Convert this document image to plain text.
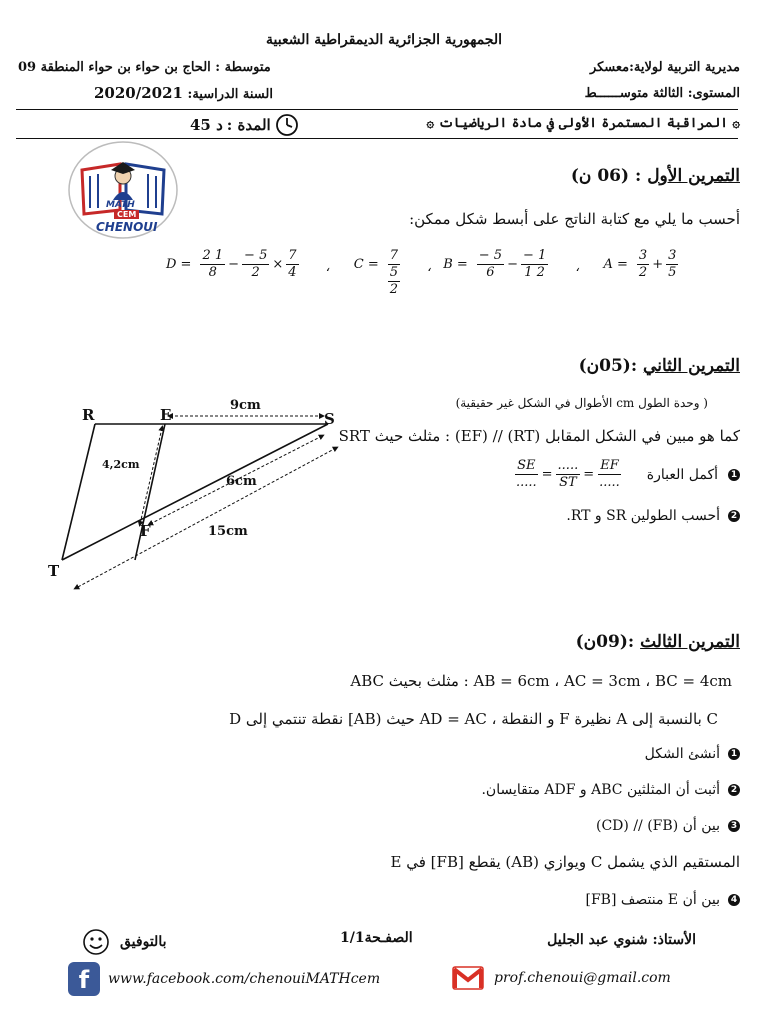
الجمهورية الجزائرية الديمقراطية الشعبية
متوسطة : الحاج بن حواء بن حواء المنطقة 09	مديرية التربية لولاية:معسكر
السنة الدراسية: 2020/2021	المستوى: الثالثة متوســــــط
۞ المراقبة المستمرة الأولى في مادة الرياضيات ۞
45 د المدة :
MATH
CEM
CHENOUI
التمرين الأول : (06 ن)
أحسب ما يلي مع كتابة الناتج على أبسط شكل ممكن:
$D = \frac{2 1}{8} - \frac{- 5}{2} \times \frac{7}{4}$ ، $C = \frac{7}{\frac{5}{2}}$ ، $B = \frac{- 5}{6} - \frac{- 1}{1 2}$ ، $A = \frac{3}{2} + \frac{3}{5}$
التمرين الثاني :(05ن)
( وحدة الطول cm الأطوال في الشكل غير حقيقية)
SRT مثلث حيث : (EF) // (RT) كما هو مبين في الشكل المقابل
1
أكمل العبارة
$\frac{SE}{.....} = \frac{.....}{ST} = \frac{EF}{.....}$
2
أحسب الطولين SR و RT.
R	E	S
T
F
9cm
4,2cm
6cm
15cm
التمرين الثالث :(09ن)
ABC مثلث بحيث : AB = 6cm ، AC = 3cm ، BC = 4cm
D نقطة تنتمي إلى [AB) حيث AD = AC ، و النقطة F نظيرة A بالنسبة إلى C
1
أنشئ الشكل
2
أثبت أن المثلثين ABC و ADF متقايسان.
3
بين أن (FB) // (CD)
المستقيم الذي يشمل C ويوازي (AB) يقطع [FB] في E
4
بين أن E منتصف [FB]
الأستاذ: شنوي عبد الجليل
الصفـحة1/1
بالتوفيق
f	www.facebook.com/chenouiMATHcem	prof.chenoui@gmail.com
